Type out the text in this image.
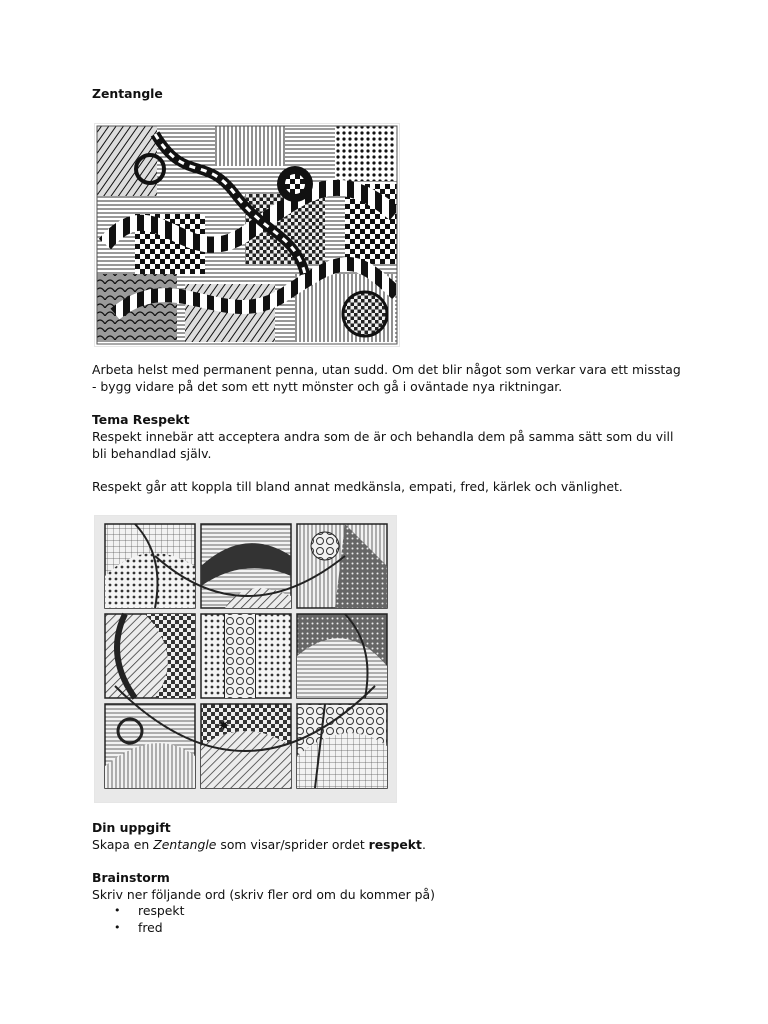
Zentangle

Arbeta helst med permanent penna, utan sudd. Om det blir något som verkar vara ett misstag - bygg vidare på det som ett nytt mönster och gå i oväntade nya riktningar.

Tema Respekt

Respekt innebär att acceptera andra som de är och behandla dem på samma sätt som du vill bli behandlad själv.

Respekt går att koppla till bland annat medkänsla, empati, fred, kärlek och vänlighet.

✷
Din uppgift

Skapa en Zentangle som visar/sprider ordet respekt.

Brainstorm

Skriv ner följande ord (skriv fler ord om du kommer på)

• respekt
• fred
